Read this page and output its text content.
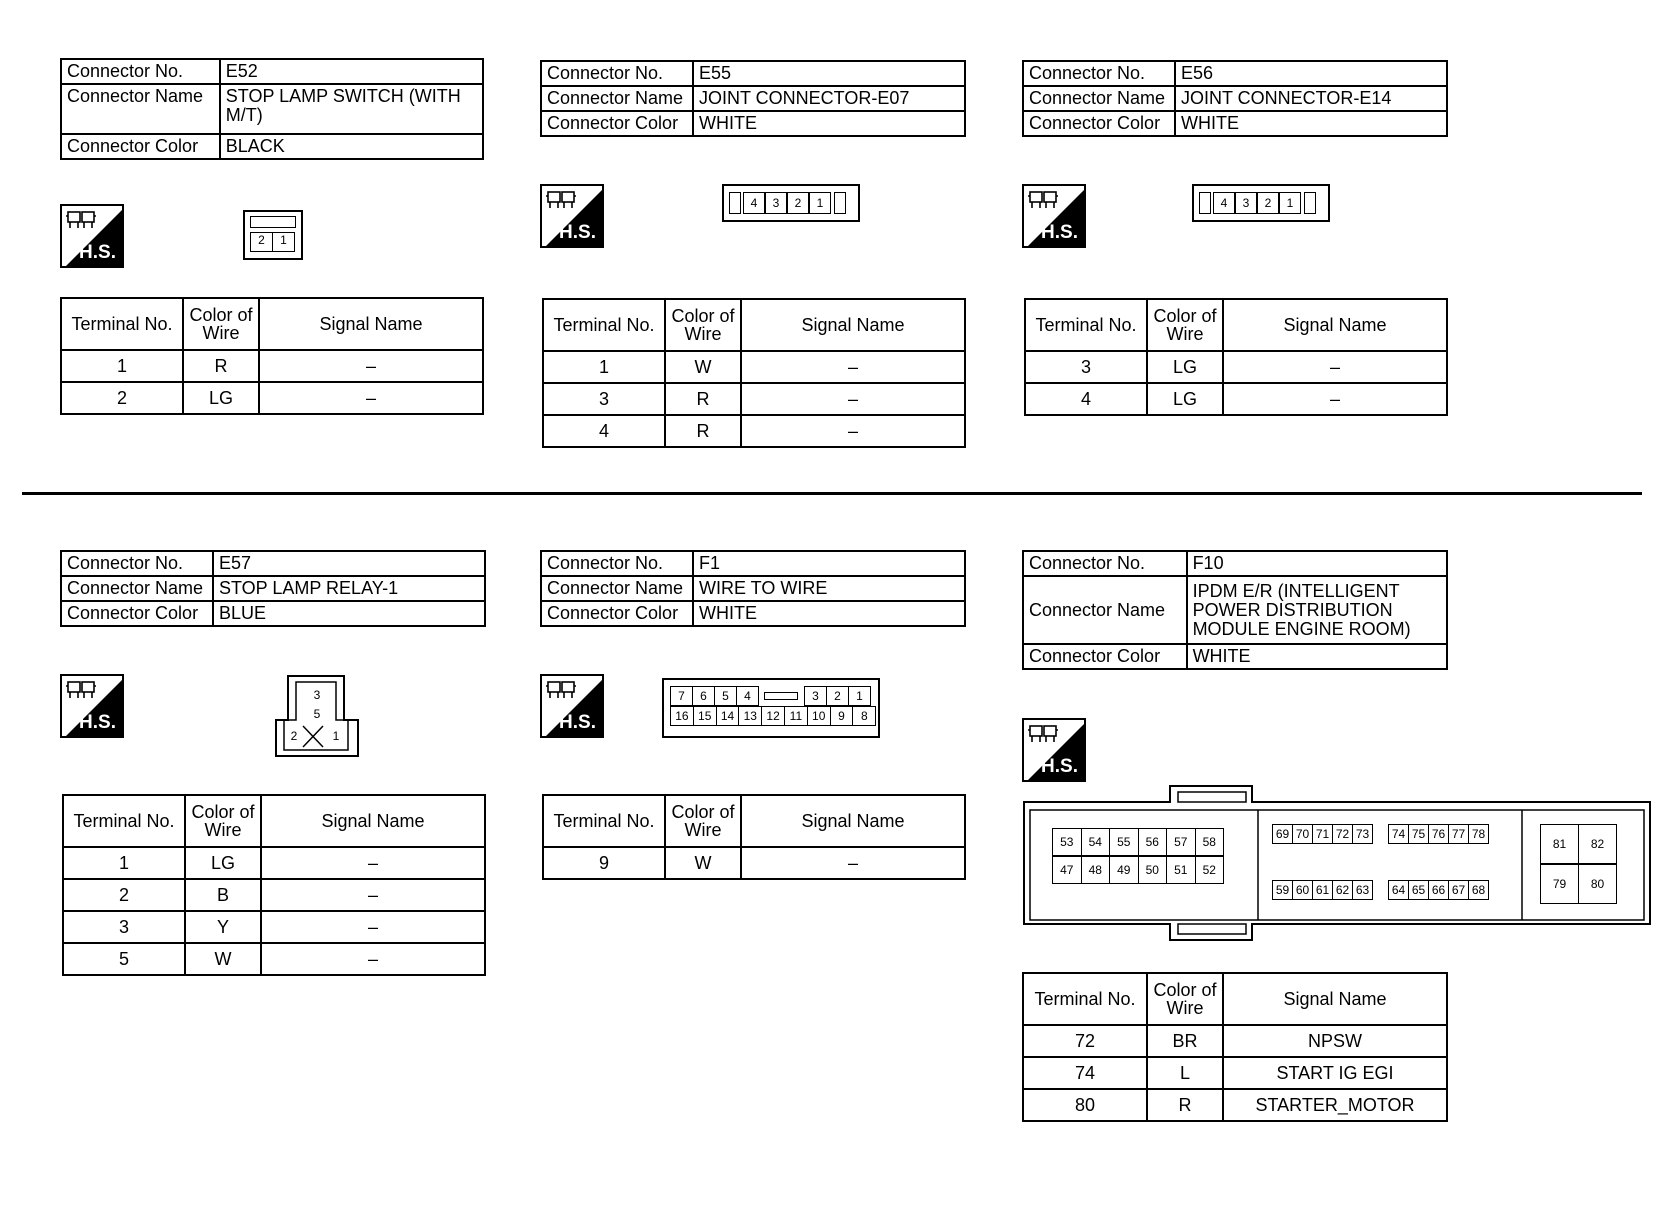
Connector No.	E52
Connector Name	STOP LAMP SWITCH (WITH M/T)
Connector Color	BLACK
H.S.
2	1
Terminal No.	Color of Wire	Signal Name
1	R	–
2	LG	–
Connector No.	E55
Connector Name	JOINT CONNECTOR-E07
Connector Color	WHITE
H.S.
4	3	2	1
Terminal No.	Color of Wire	Signal Name
1	W	–
3	R	–
4	R	–
Connector No.	E56
Connector Name	JOINT CONNECTOR-E14
Connector Color	WHITE
H.S.
4	3	2	1
Terminal No.	Color of Wire	Signal Name
3	LG	–
4	LG	–
Connector No.	E57
Connector Name	STOP LAMP RELAY-1
Connector Color	BLUE
H.S.
3
5
2	1
Terminal No.	Color of Wire	Signal Name
1	LG	–
2	B	–
3	Y	–
5	W	–
Connector No.	F1
Connector Name	WIRE TO WIRE
Connector Color	WHITE
H.S.
7	6	5	4	3	2	1
16 15 14 13 12 11 10	9	8
Terminal No.	Color of Wire	Signal Name
9	W	–
Connector No.	F10
Connector Name	IPDM E/R (INTELLIGENT POWER DISTRIBUTION MODULE ENGINE ROOM)
Connector Color	WHITE
H.S.
53	54	55	56	57	58
47	48	49	50	51	52
69 70 71 72 73	74 75 76 77 78
59 60 61 62 63	64 65 66 67 68
81	82
79	80
Terminal No.	Color of Wire	Signal Name
72	BR	NPSW
74	L	START IG EGI
80	R	STARTER_MOTOR
